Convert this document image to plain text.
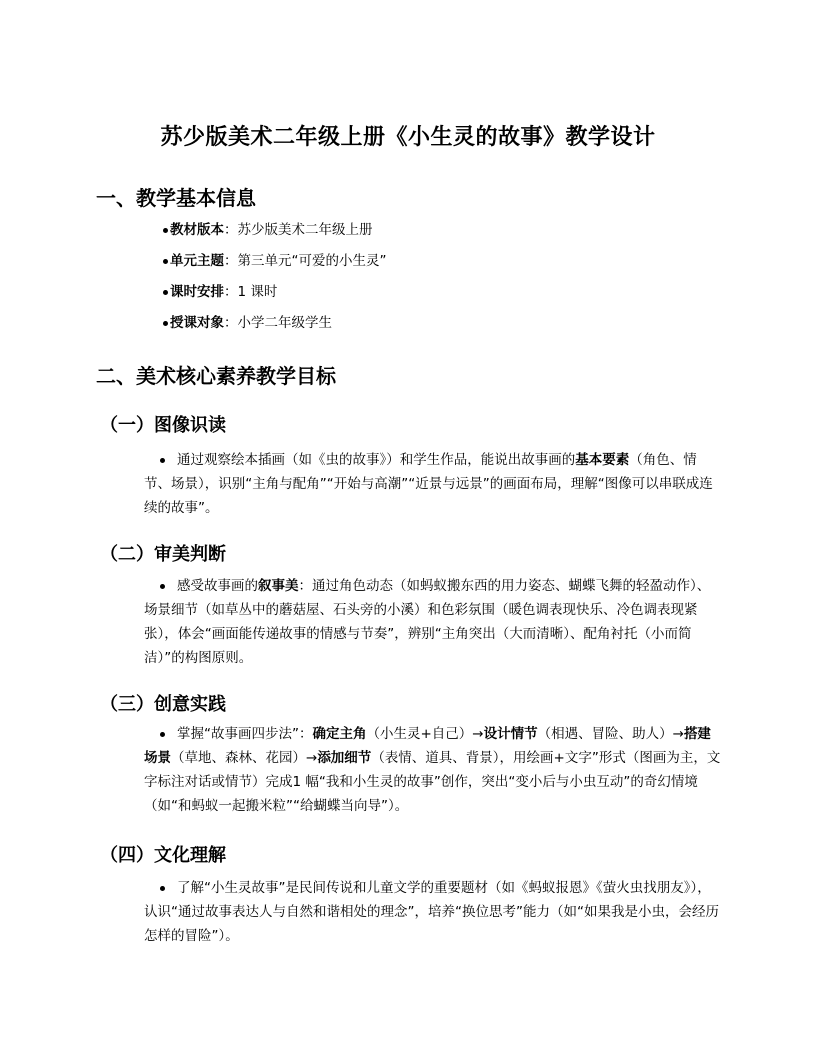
苏少版美术二年级上册《小生灵的故事》教学设计
一、教学基本信息
教材版本：苏少版美术二年级上册
单元主题：第三单元“可爱的小生灵”
课时安排：1 课时
授课对象：小学二年级学生
二、美术核心素养教学目标
（一）图像识读
通过观察绘本插画（如《虫的故事》）和学生作品，能说出故事画的基本要素（角色、情节、场景），识别“主角与配角”“开始与高潮”“近景与远景”的画面布局，理解“图像可以串联成连续的故事”。
（二）审美判断
感受故事画的叙事美：通过角色动态（如蚂蚁搬东西的用力姿态、蝴蝶飞舞的轻盈动作）、场景细节（如草丛中的蘑菇屋、石头旁的小溪）和色彩氛围（暖色调表现快乐、冷色调表现紧张），体会“画面能传递故事的情感与节奏”，辨别“主角突出（大而清晰）、配角衬托（小而简洁）”的构图原则。
（三）创意实践
掌握“故事画四步法”：确定主角（小生灵+自己）→设计情节（相遇、冒险、助人）→搭建场景（草地、森林、花园）→添加细节（表情、道具、背景），用绘画+文字”形式（图画为主，文字标注对话或情节）完成1 幅“我和小生灵的故事”创作，突出“变小后与小虫互动”的奇幻情境（如“和蚂蚁一起搬米粒”“给蝴蝶当向导”）。
（四）文化理解
了解“小生灵故事”是民间传说和儿童文学的重要题材（如《蚂蚁报恩》《萤火虫找朋友》），认识“通过故事表达人与自然和谐相处的理念”，培养“换位思考”能力（如“如果我是小虫，会经历怎样的冒险”）。
